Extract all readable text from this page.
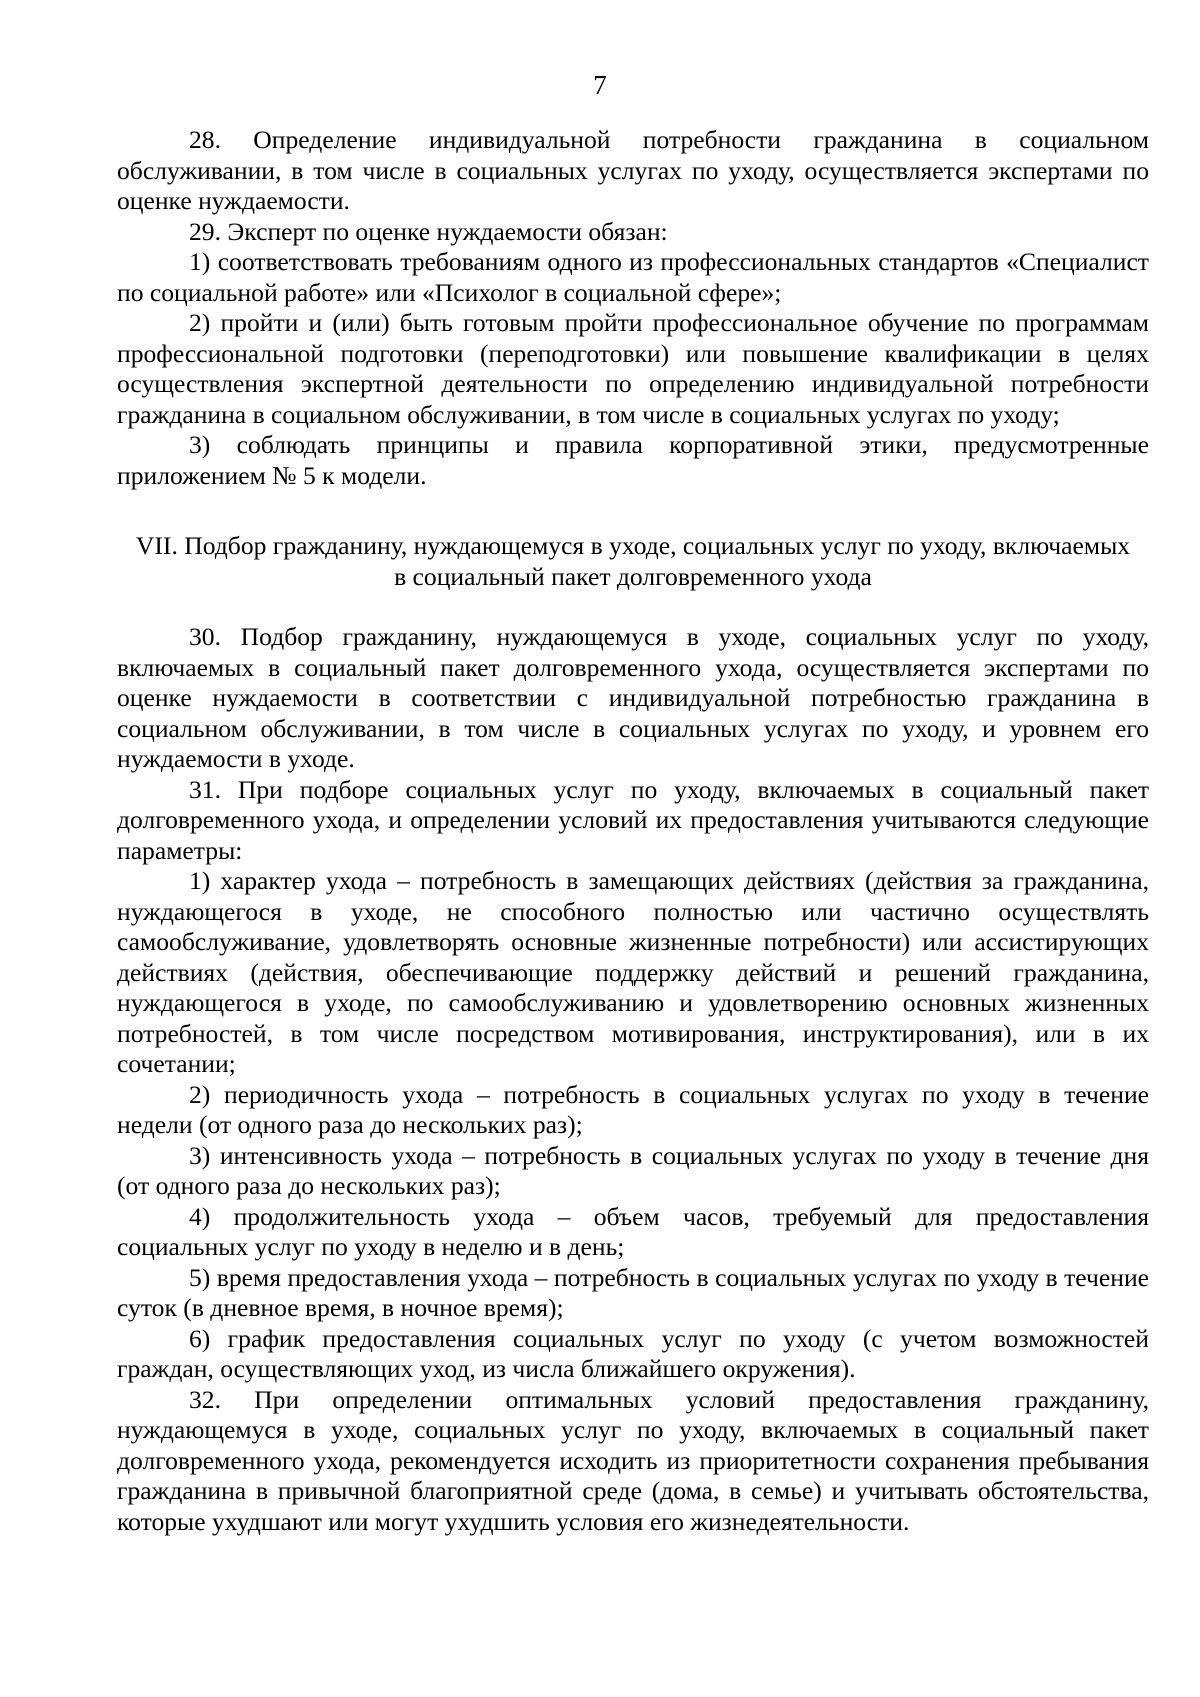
7

28. Определение индивидуальной потребности гражданина в социальном обслуживании, в том числе в социальных услугах по уходу, осуществляется экспертами по оценке нуждаемости.

29. Эксперт по оценке нуждаемости обязан:

1) соответствовать требованиям одного из профессиональных стандартов «Специалист по социальной работе» или «Психолог в социальной сфере»;

2) пройти и (или) быть готовым пройти профессиональное обучение по программам профессиональной подготовки (переподготовки) или повышение квалификации в целях осуществления экспертной деятельности по определению индивидуальной потребности гражданина в социальном обслуживании, в том числе в социальных услугах по уходу;

3) соблюдать принципы и правила корпоративной этики, предусмотренные приложением № 5 к модели.

VII. Подбор гражданину, нуждающемуся в уходе, социальных услуг по уходу, включаемых
в социальный пакет долговременного ухода

30. Подбор гражданину, нуждающемуся в уходе, социальных услуг по уходу, включаемых в социальный пакет долговременного ухода, осуществляется экспертами по оценке нуждаемости в соответствии с индивидуальной потребностью гражданина в социальном обслуживании, в том числе в социальных услугах по уходу, и уровнем его нуждаемости в уходе.

31. При подборе социальных услуг по уходу, включаемых в социальный пакет долговременного ухода, и определении условий их предоставления учитываются следующие параметры:

1) характер ухода – потребность в замещающих действиях (действия за гражданина, нуждающегося в уходе, не способного полностью или частично осуществлять самообслуживание, удовлетворять основные жизненные потребности) или ассистирующих действиях (действия, обеспечивающие поддержку действий и решений гражданина, нуждающегося в уходе, по самообслуживанию и удовлетворению основных жизненных потребностей, в том числе посредством мотивирования, инструктирования), или в их сочетании;

2) периодичность ухода – потребность в социальных услугах по уходу в течение недели (от одного раза до нескольких раз);

3) интенсивность ухода – потребность в социальных услугах по уходу в течение дня (от одного раза до нескольких раз);

4) продолжительность ухода – объем часов, требуемый для предоставления социальных услуг по уходу в неделю и в день;

5) время предоставления ухода – потребность в социальных услугах по уходу в течение суток (в дневное время, в ночное время);

6) график предоставления социальных услуг по уходу (с учетом возможностей граждан, осуществляющих уход, из числа ближайшего окружения).

32. При определении оптимальных условий предоставления гражданину, нуждающемуся в уходе, социальных услуг по уходу, включаемых в социальный пакет долговременного ухода, рекомендуется исходить из приоритетности сохранения пребывания гражданина в привычной благоприятной среде (дома, в семье) и учитывать обстоятельства, которые ухудшают или могут ухудшить условия его жизнедеятельности.
